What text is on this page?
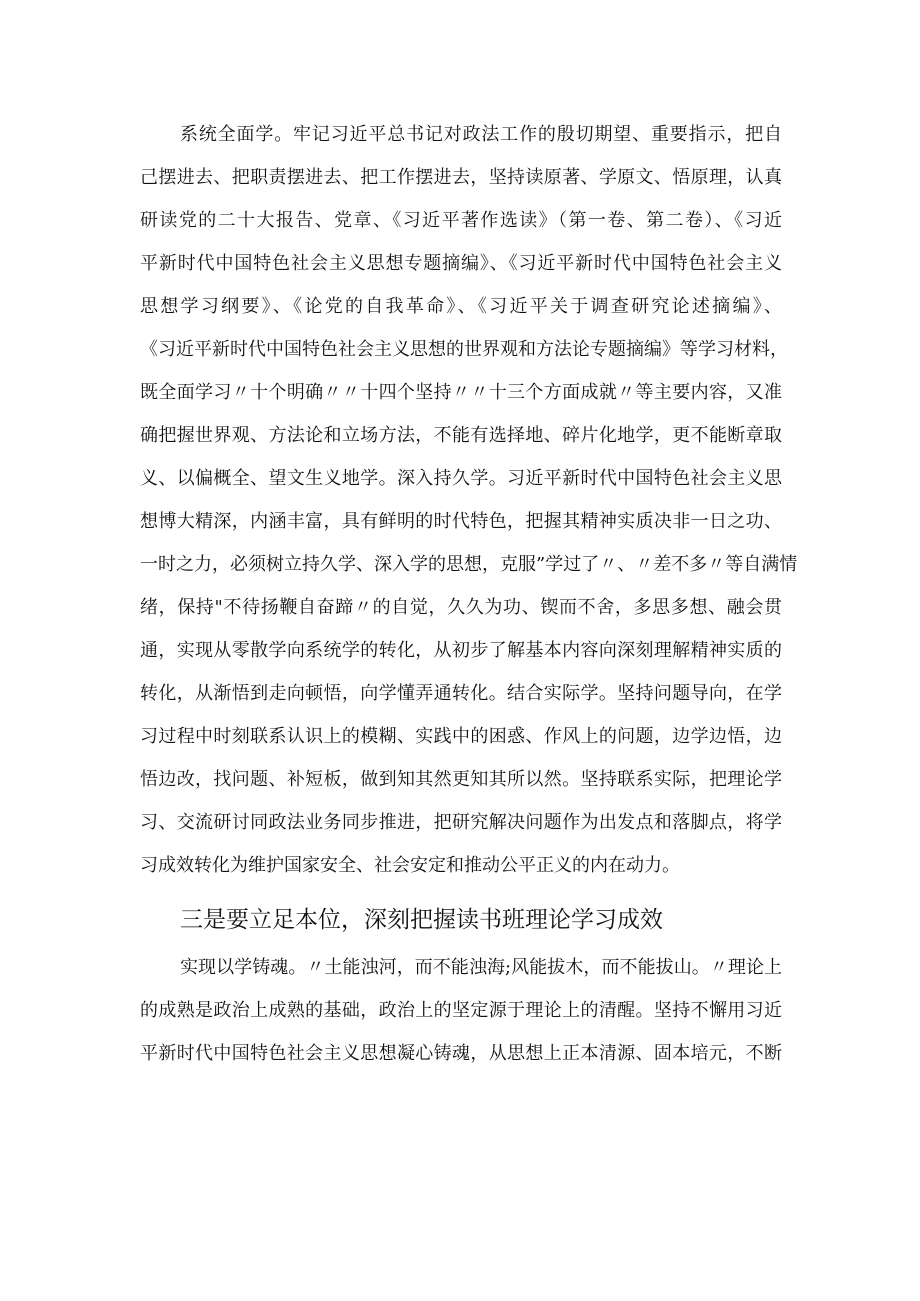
系统全面学。牢记习近平总书记对政法工作的殷切期望、重要指示，把自
己摆进去、把职责摆进去、把工作摆进去，坚持读原著、学原文、悟原理，认真
研读党的二十大报告、党章、《习近平著作选读》（第一卷、第二卷）、《习近
平新时代中国特色社会主义思想专题摘编》、《习近平新时代中国特色社会主义
思想学习纲要》、《论党的自我革命》、《习近平关于调查研究论述摘编》、
《习近平新时代中国特色社会主义思想的世界观和方法论专题摘编》等学习材料，
既全面学习〃十个明确〃〃十四个坚持〃〃十三个方面成就〃等主要内容，又准
确把握世界观、方法论和立场方法，不能有选择地、碎片化地学，更不能断章取
义、以偏概全、望文生义地学。深入持久学。习近平新时代中国特色社会主义思
想博大精深，内涵丰富，具有鲜明的时代特色，把握其精神实质决非一日之功、
一时之力，必须树立持久学、深入学的思想，克服”学过了〃、〃差不多〃等自满情
绪，保持"不待扬鞭自奋蹄〃的自觉，久久为功、锲而不舍，多思多想、融会贯
通，实现从零散学向系统学的转化，从初步了解基本内容向深刻理解精神实质的
转化，从渐悟到走向顿悟，向学懂弄通转化。结合实际学。坚持问题导向，在学
习过程中时刻联系认识上的模糊、实践中的困惑、作风上的问题，边学边悟，边
悟边改，找问题、补短板，做到知其然更知其所以然。坚持联系实际，把理论学
习、交流研讨同政法业务同步推进，把研究解决问题作为出发点和落脚点，将学
习成效转化为维护国家安全、社会安定和推动公平正义的内在动力。
三是要立足本位，深刻把握读书班理论学习成效
实现以学铸魂。〃土能浊河，而不能浊海;风能拔木，而不能拔山。〃理论上
的成熟是政治上成熟的基础，政治上的坚定源于理论上的清醒。坚持不懈用习近
平新时代中国特色社会主义思想凝心铸魂，从思想上正本清源、固本培元，不断
